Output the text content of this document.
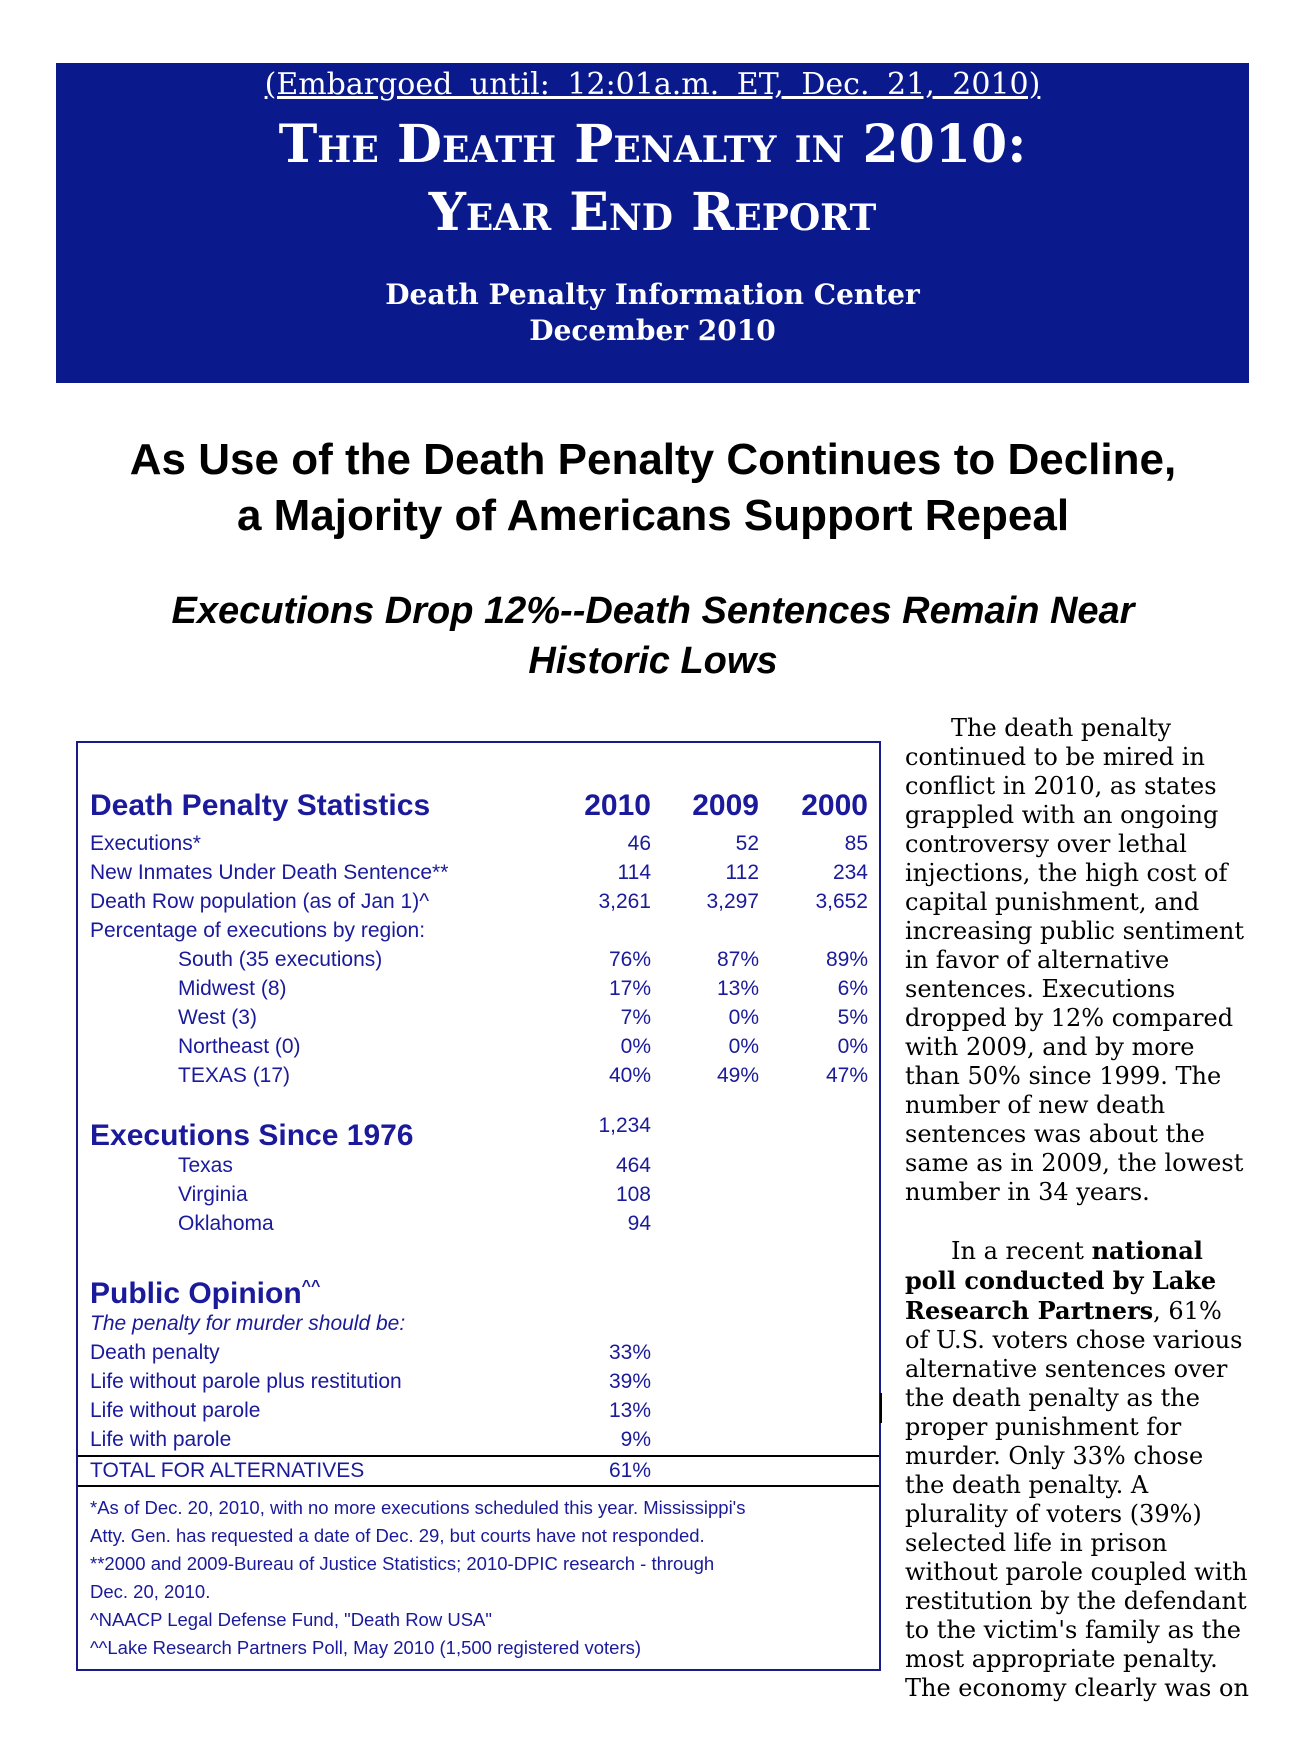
(Embargoed until: 12:01a.m. ET, Dec. 21, 2010)
The Death Penalty in 2010:
Year End Report
Death Penalty Information Center
December 2010
As Use of the Death Penalty Continues to Decline,
a Majority of Americans Support Repeal
Executions Drop 12%--Death Sentences Remain Near
Historic Lows
Death Penalty Statistics	2010	2009	2000
Executions*	46	52	85
New Inmates Under Death Sentence**	114	112	234
Death Row population (as of Jan 1)^	3,261	3,297	3,652
Percentage of executions by region:
South (35 executions)	76%	87%	89%
Midwest (8)	17%	13%	6%
West (3)	7%	0%	5%
Northeast (0)	0%	0%	0%
TEXAS (17)	40%	49%	47%
Executions Since 1976	1,234
Texas	464
Virginia	108
Oklahoma	94
Public Opinion^^
The penalty for murder should be:
Death penalty	33%
Life without parole plus restitution	39%
Life without parole	13%
Life with parole	9%
TOTAL FOR ALTERNATIVES	61%
*As of Dec. 20, 2010, with no more executions scheduled this year. Mississippi's
Atty. Gen. has requested a date of Dec. 29, but courts have not responded.
**2000 and 2009-Bureau of Justice Statistics; 2010-DPIC research - through
Dec. 20, 2010.
^NAACP Legal Defense Fund, "Death Row USA"
^^Lake Research Partners Poll, May 2010 (1,500 registered voters)

The death penalty continued to be mired in conflict in 2010, as states grappled with an ongoing controversy over lethal injections, the high cost of capital punishment, and increasing public sentiment in favor of alternative sentences. Executions dropped by 12% compared with 2009, and by more than 50% since 1999. The number of new death sentences was about the same as in 2009, the lowest number in 34 years.

In a recent national poll conducted by Lake Research Partners, 61% of U.S. voters chose various alternative sentences over the death penalty as the proper punishment for murder. Only 33% chose the death penalty. A plurality of voters (39%) selected life in prison without parole coupled with restitution by the defendant to the victim's family as the most appropriate penalty. The economy clearly was on
